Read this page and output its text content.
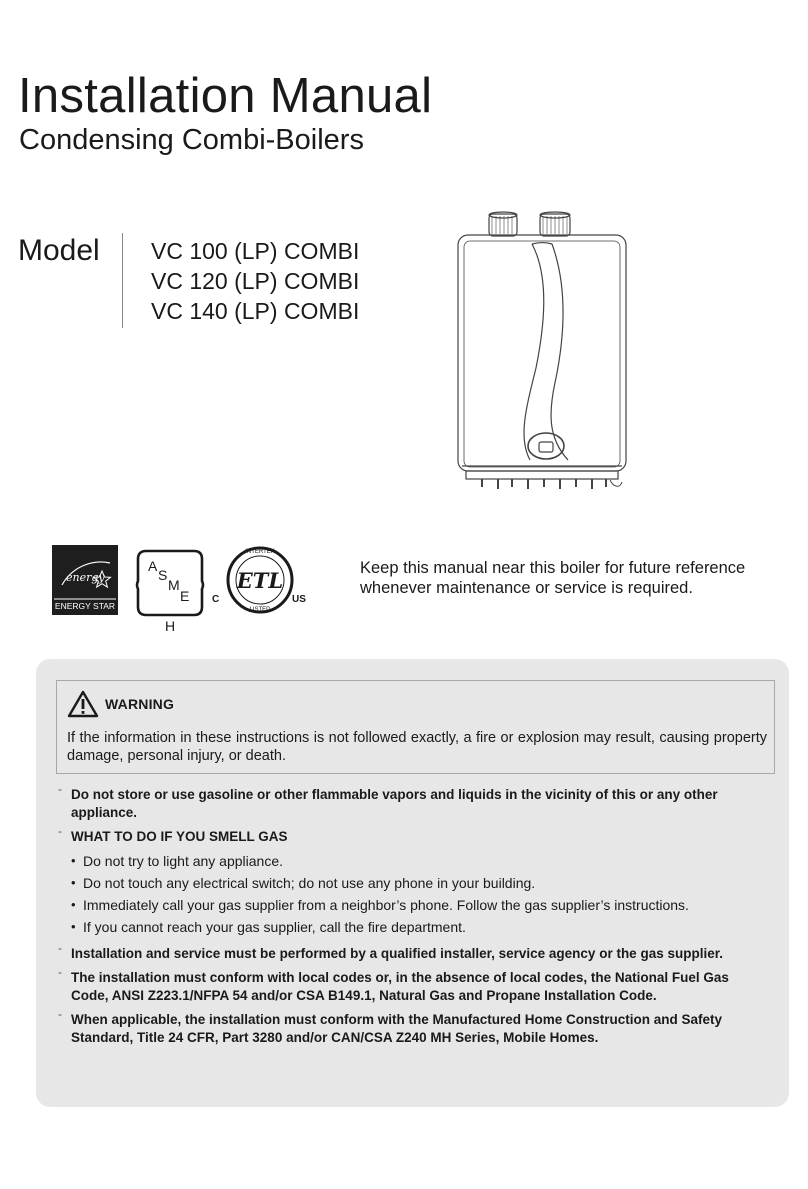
Installation Manual
Condensing Combi-Boilers
Model VC 100 (LP) COMBI
VC 120 (LP) COMBI
VC 140 (LP) COMBI
energy
ENERGY STAR
A
S
M
E
H
INTERTEK
LISTED
ETL
C	US
Keep this manual near this boiler for future reference
whenever maintenance or service is required.
WARNING
If the information in these instructions is not followed exactly, a fire or explosion may result, causing property damage, personal injury, or death.
- Do not store or use gasoline or other flammable vapors and liquids in the vicinity of this or any other appliance.
- WHAT TO DO IF YOU SMELL GAS
• Do not try to light any appliance.
• Do not touch any electrical switch; do not use any phone in your building.
• Immediately call your gas supplier from a neighbor’s phone. Follow the gas supplier’s instructions.
• If you cannot reach your gas supplier, call the fire department.
- Installation and service must be performed by a qualified installer, service agency or the gas supplier.
- The installation must conform with local codes or, in the absence of local codes, the National Fuel Gas Code, ANSI Z223.1/NFPA 54 and/or CSA B149.1, Natural Gas and Propane Installation Code.
- When applicable, the installation must conform with the Manufactured Home Construction and Safety Standard, Title 24 CFR, Part 3280 and/or CAN/CSA Z240 MH Series, Mobile Homes.
